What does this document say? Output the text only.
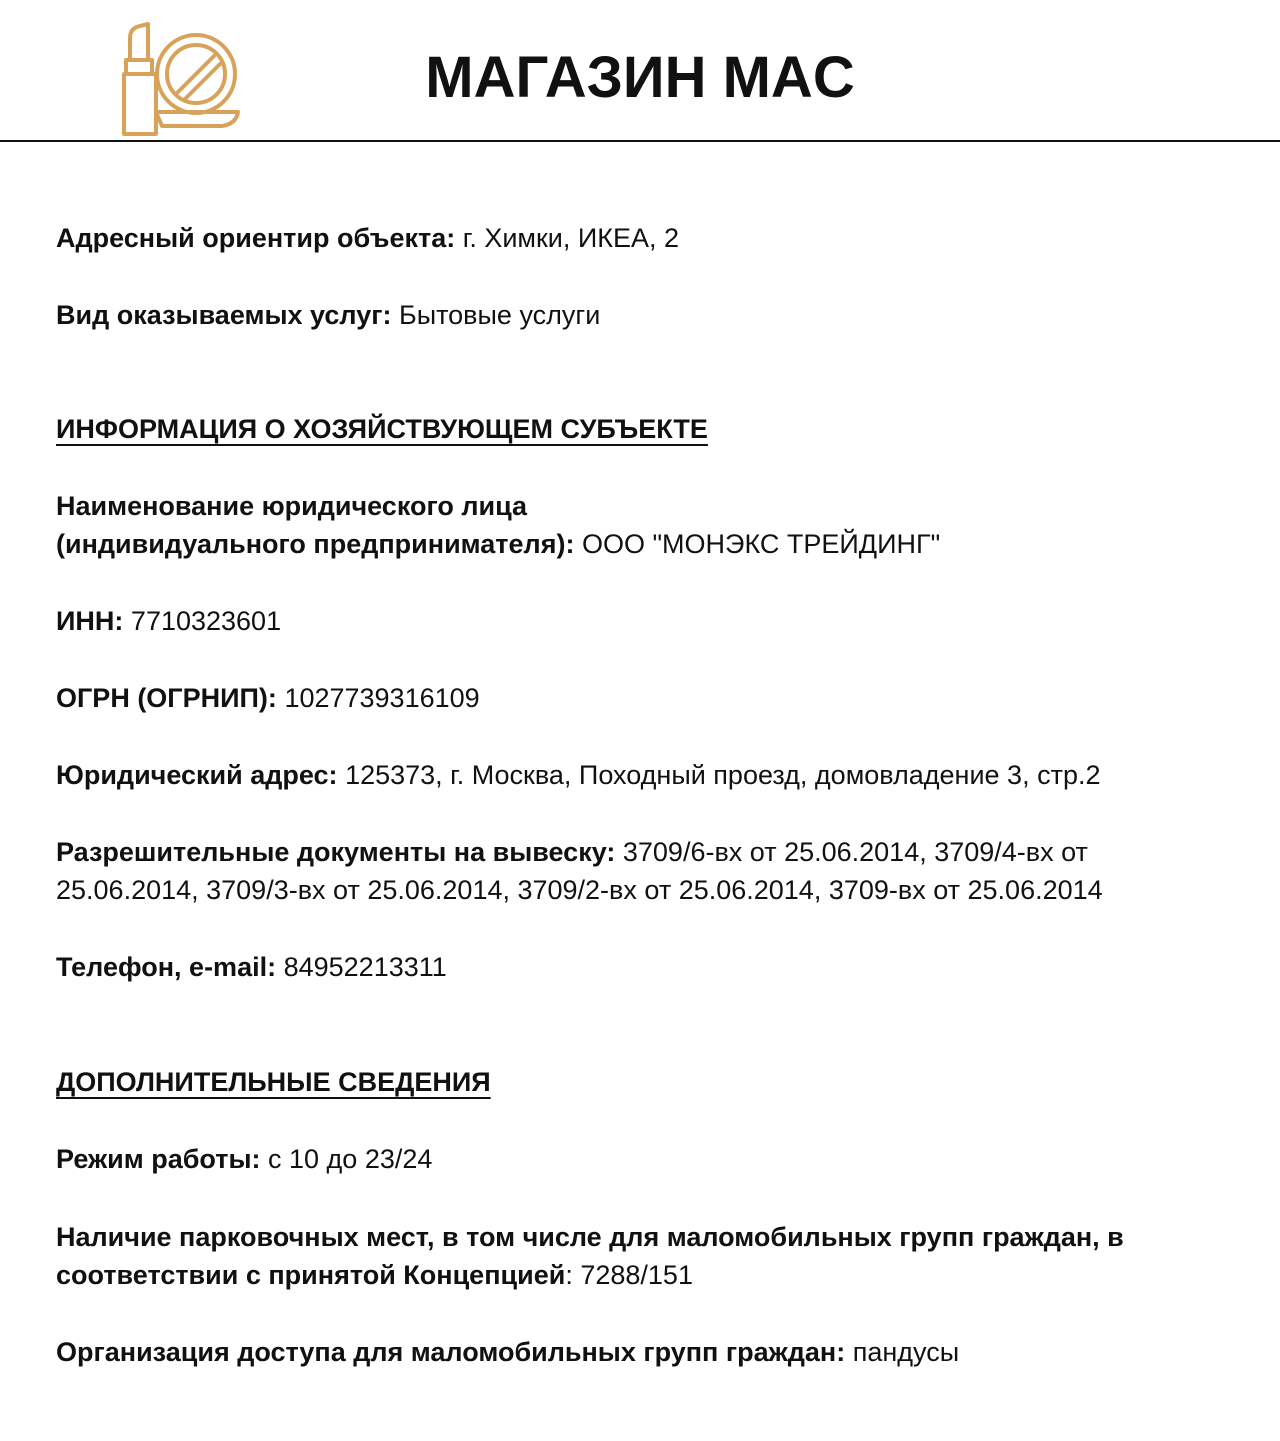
МАГАЗИН MAC
Адресный ориентир объекта: г. Химки, ИКЕА, 2
Вид оказываемых услуг: Бытовые услуги
ИНФОРМАЦИЯ О ХОЗЯЙСТВУЮЩЕМ СУБЪЕКТЕ
Наименование юридического лица
(индивидуального предпринимателя): ООО "МОНЭКС ТРЕЙДИНГ"
ИНН: 7710323601
ОГРН (ОГРНИП): 1027739316109
Юридический адрес: 125373, г. Москва, Походный проезд, домовладение 3, стр.2
Разрешительные документы на вывеску: 3709/6-вх от 25.06.2014, 3709/4-вх от
25.06.2014, 3709/3-вх от 25.06.2014, 3709/2-вх от 25.06.2014, 3709-вх от 25.06.2014
Телефон, e-mail: 84952213311
ДОПОЛНИТЕЛЬНЫЕ СВЕДЕНИЯ
Режим работы: с 10 до 23/24
Наличие парковочных мест, в том числе для маломобильных групп граждан, в
соответствии с принятой Концепцией: 7288/151
Организация доступа для маломобильных групп граждан: пандусы
